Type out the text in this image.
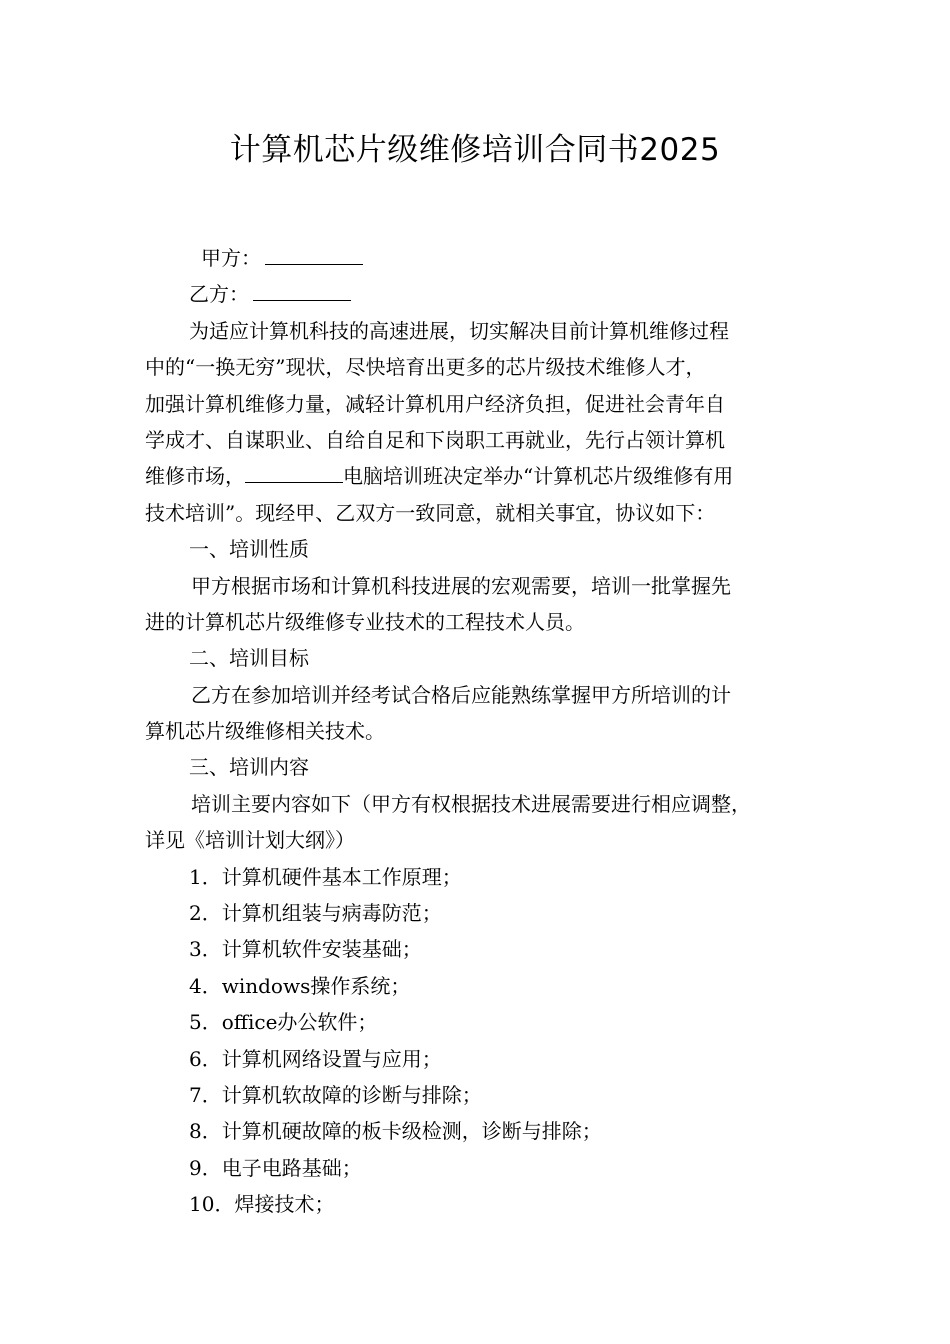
计算机芯片级维修培训合同书2025
甲方：
乙方：
为适应计算机科技的高速进展，切实解决目前计算机维修过程
中的“一换无穷”现状，尽快培育出更多的芯片级技术维修人才，
加强计算机维修力量，减轻计算机用户经济负担，促进社会青年自
学成才、自谋职业、自给自足和下岗职工再就业，先行占领计算机
维修市场，	电脑培训班决定举办“计算机芯片级维修有用
技术培训”。现经甲、乙双方一致同意，就相关事宜，协议如下：
一、培训性质
甲方根据市场和计算机科技进展的宏观需要，培训一批掌握先
进的计算机芯片级维修专业技术的工程技术人员。
二、培训目标
乙方在参加培训并经考试合格后应能熟练掌握甲方所培训的计
算机芯片级维修相关技术。
三、培训内容
培训主要内容如下（甲方有权根据技术进展需要进行相应调整，
详见《培训计划大纲》）
1．计算机硬件基本工作原理；
2．计算机组装与病毒防范；
3．计算机软件安装基础；
4．windows操作系统；
5．office办公软件；
6．计算机网络设置与应用；
7．计算机软故障的诊断与排除；
8．计算机硬故障的板卡级检测，诊断与排除；
9．电子电路基础；
10．焊接技术；
